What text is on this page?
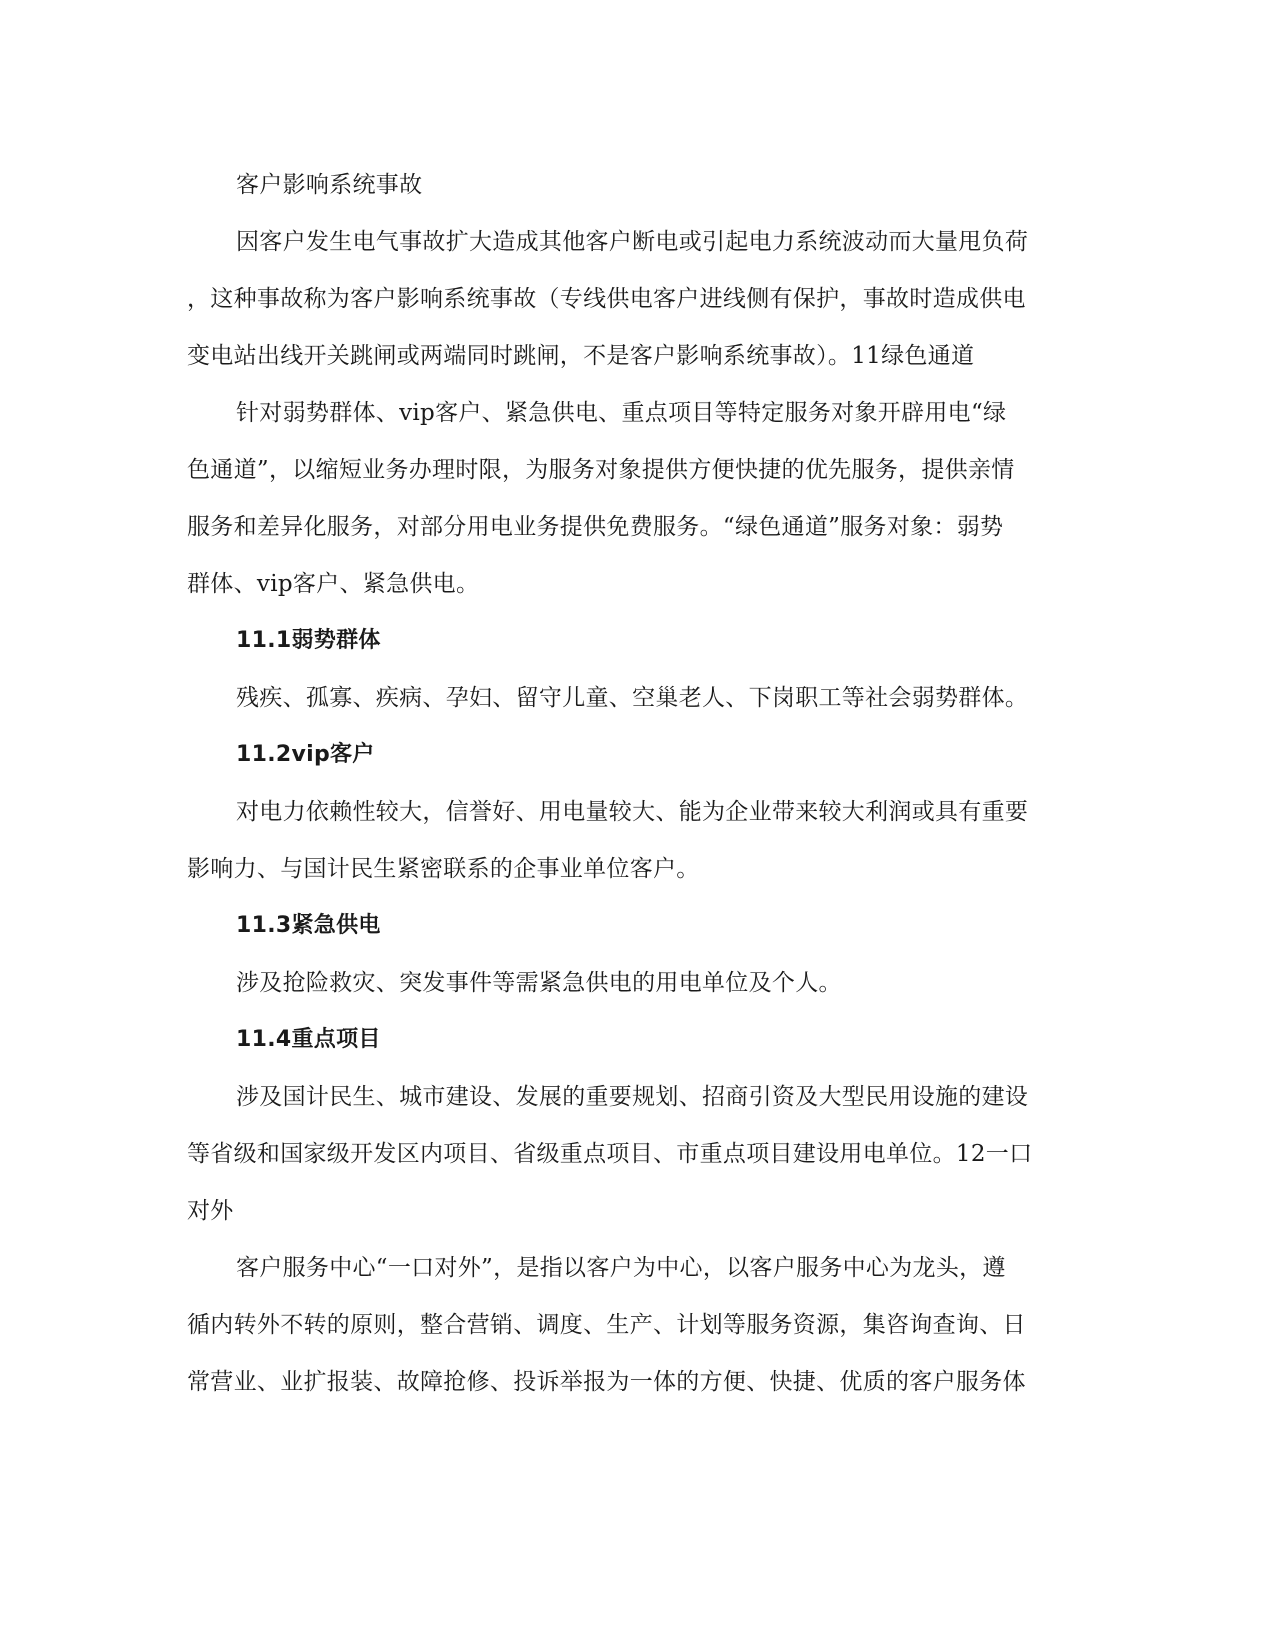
客户影响系统事故
因客户发生电气事故扩大造成其他客户断电或引起电力系统波动而大量甩负荷
，这种事故称为客户影响系统事故（专线供电客户进线侧有保护，事故时造成供电
变电站出线开关跳闸或两端同时跳闸，不是客户影响系统事故）。11绿色通道
针对弱势群体、vip客户、紧急供电、重点项目等特定服务对象开辟用电“绿
色通道”，以缩短业务办理时限，为服务对象提供方便快捷的优先服务，提供亲情
服务和差异化服务，对部分用电业务提供免费服务。“绿色通道”服务对象：弱势
群体、vip客户、紧急供电。
11.1弱势群体
残疾、孤寡、疾病、孕妇、留守儿童、空巢老人、下岗职工等社会弱势群体。
11.2vip客户
对电力依赖性较大，信誉好、用电量较大、能为企业带来较大利润或具有重要
影响力、与国计民生紧密联系的企事业单位客户。
11.3紧急供电
涉及抢险救灾、突发事件等需紧急供电的用电单位及个人。
11.4重点项目
涉及国计民生、城市建设、发展的重要规划、招商引资及大型民用设施的建设
等省级和国家级开发区内项目、省级重点项目、市重点项目建设用电单位。12一口
对外
客户服务中心“一口对外”，是指以客户为中心，以客户服务中心为龙头，遵
循内转外不转的原则，整合营销、调度、生产、计划等服务资源，集咨询查询、日
常营业、业扩报装、故障抢修、投诉举报为一体的方便、快捷、优质的客户服务体
